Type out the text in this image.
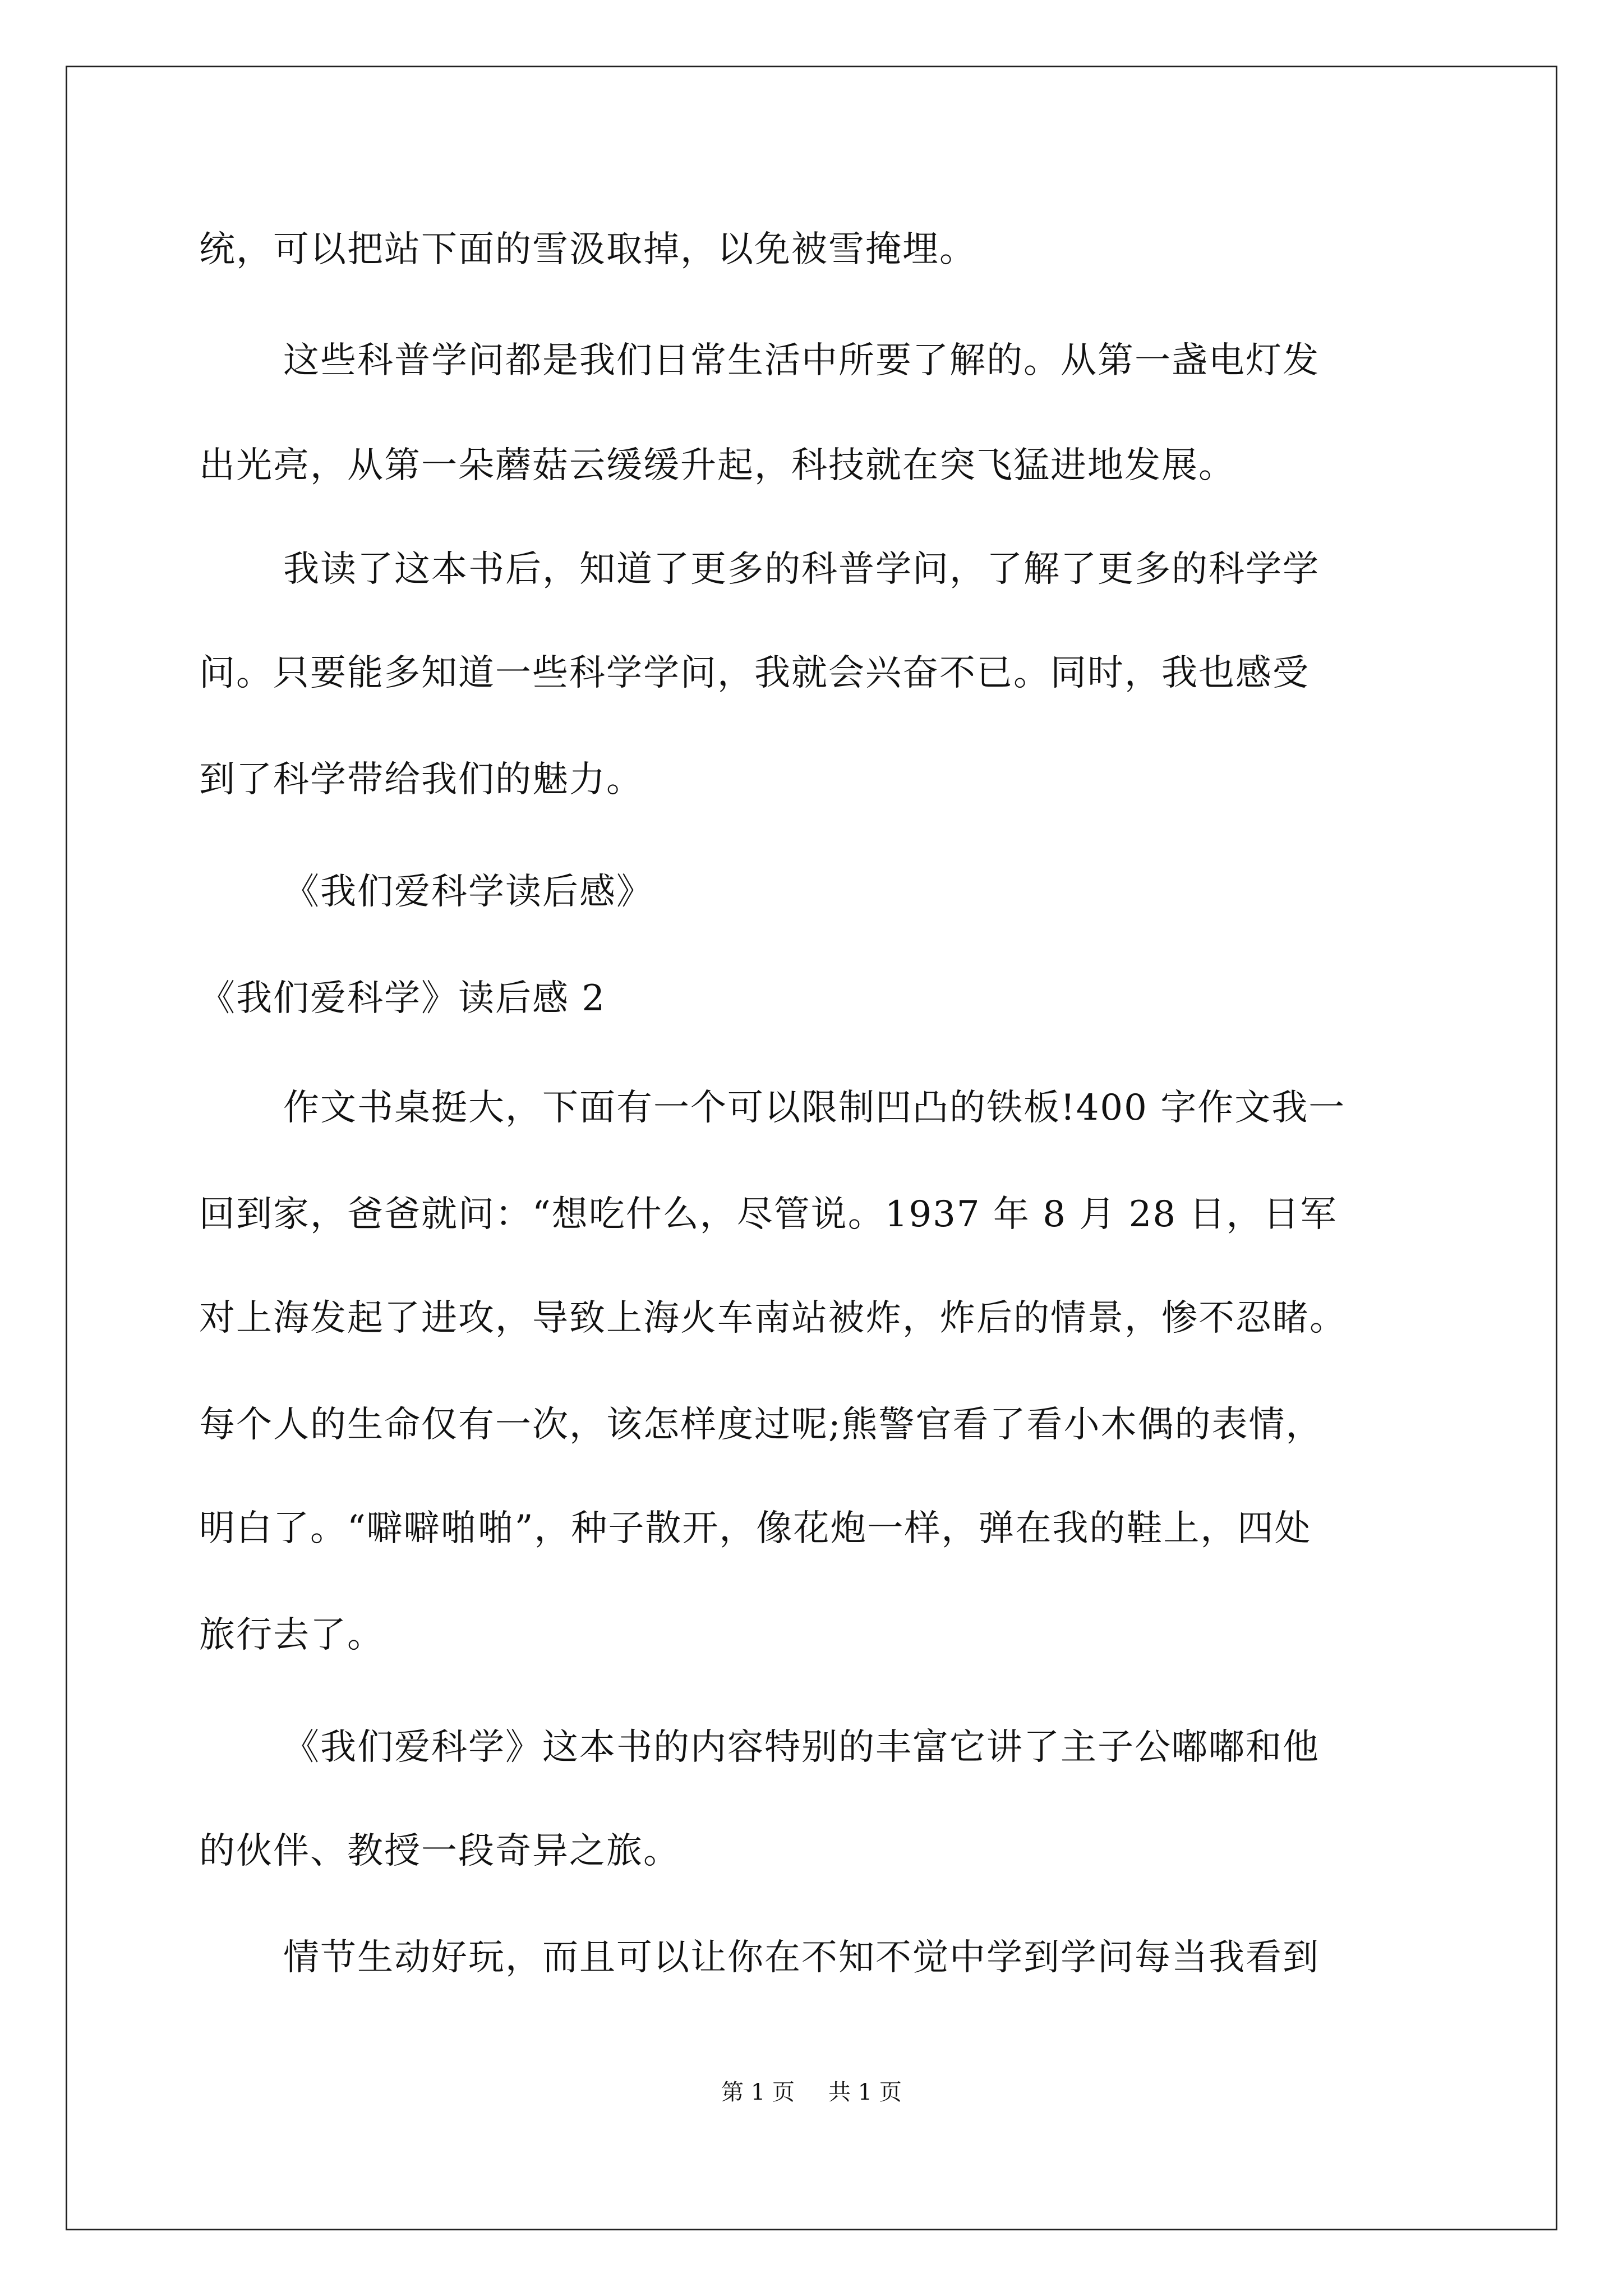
统，可以把站下面的雪汲取掉，以免被雪掩埋。
这些科普学问都是我们日常生活中所要了解的。从第一盏电灯发
出光亮，从第一朵蘑菇云缓缓升起，科技就在突飞猛进地发展。
我读了这本书后，知道了更多的科普学问，了解了更多的科学学
问。只要能多知道一些科学学问，我就会兴奋不已。同时，我也感受
到了科学带给我们的魅力。
《我们爱科学读后感》
《我们爱科学》读后感 2
作文书桌挺大，下面有一个可以限制凹凸的铁板!400 字作文我一
回到家，爸爸就问：“想吃什么，尽管说。1937 年 8 月 28 日，日军
对上海发起了进攻，导致上海火车南站被炸，炸后的情景，惨不忍睹。
每个人的生命仅有一次，该怎样度过呢;熊警官看了看小木偶的表情，
明白了。“噼噼啪啪”，种子散开，像花炮一样，弹在我的鞋上，四处
旅行去了。
《我们爱科学》这本书的内容特别的丰富它讲了主子公嘟嘟和他
的伙伴、教授一段奇异之旅。
情节生动好玩，而且可以让你在不知不觉中学到学问每当我看到
第 1 页 共 1 页
